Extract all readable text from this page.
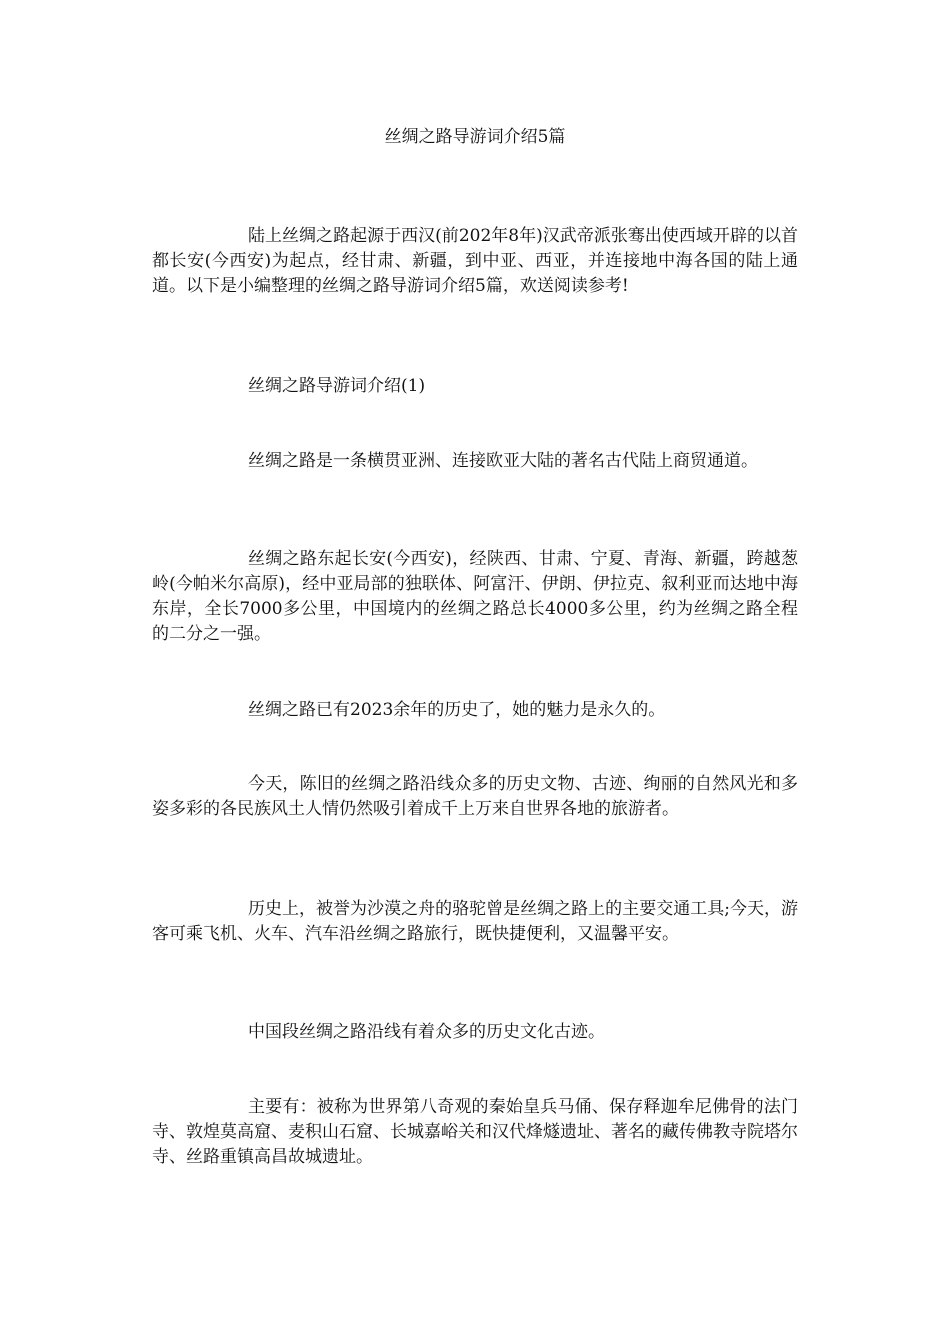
丝绸之路导游词介绍5篇

陆上丝绸之路起源于西汉(前202年8年)汉武帝派张骞出使西域开辟的以首都长安(今西安)为起点，经甘肃、新疆，到中亚、西亚，并连接地中海各国的陆上通道。以下是小编整理的丝绸之路导游词介绍5篇，欢送阅读参考!

丝绸之路导游词介绍(1)

丝绸之路是一条横贯亚洲、连接欧亚大陆的著名古代陆上商贸通道。

丝绸之路东起长安(今西安)，经陕西、甘肃、宁夏、青海、新疆，跨越葱岭(今帕米尔高原)，经中亚局部的独联体、阿富汗、伊朗、伊拉克、叙利亚而达地中海东岸，全长7000多公里，中国境内的丝绸之路总长4000多公里，约为丝绸之路全程的二分之一强。

丝绸之路已有2023余年的历史了，她的魅力是永久的。

今天，陈旧的丝绸之路沿线众多的历史文物、古迹、绚丽的自然风光和多姿多彩的各民族风土人情仍然吸引着成千上万来自世界各地的旅游者。

历史上，被誉为沙漠之舟的骆驼曾是丝绸之路上的主要交通工具;今天，游客可乘飞机、火车、汽车沿丝绸之路旅行，既快捷便利，又温馨平安。

中国段丝绸之路沿线有着众多的历史文化古迹。

主要有：被称为世界第八奇观的秦始皇兵马俑、保存释迦牟尼佛骨的法门寺、敦煌莫高窟、麦积山石窟、长城嘉峪关和汉代烽燧遗址、著名的藏传佛教寺院塔尔寺、丝路重镇高昌故城遗址。
